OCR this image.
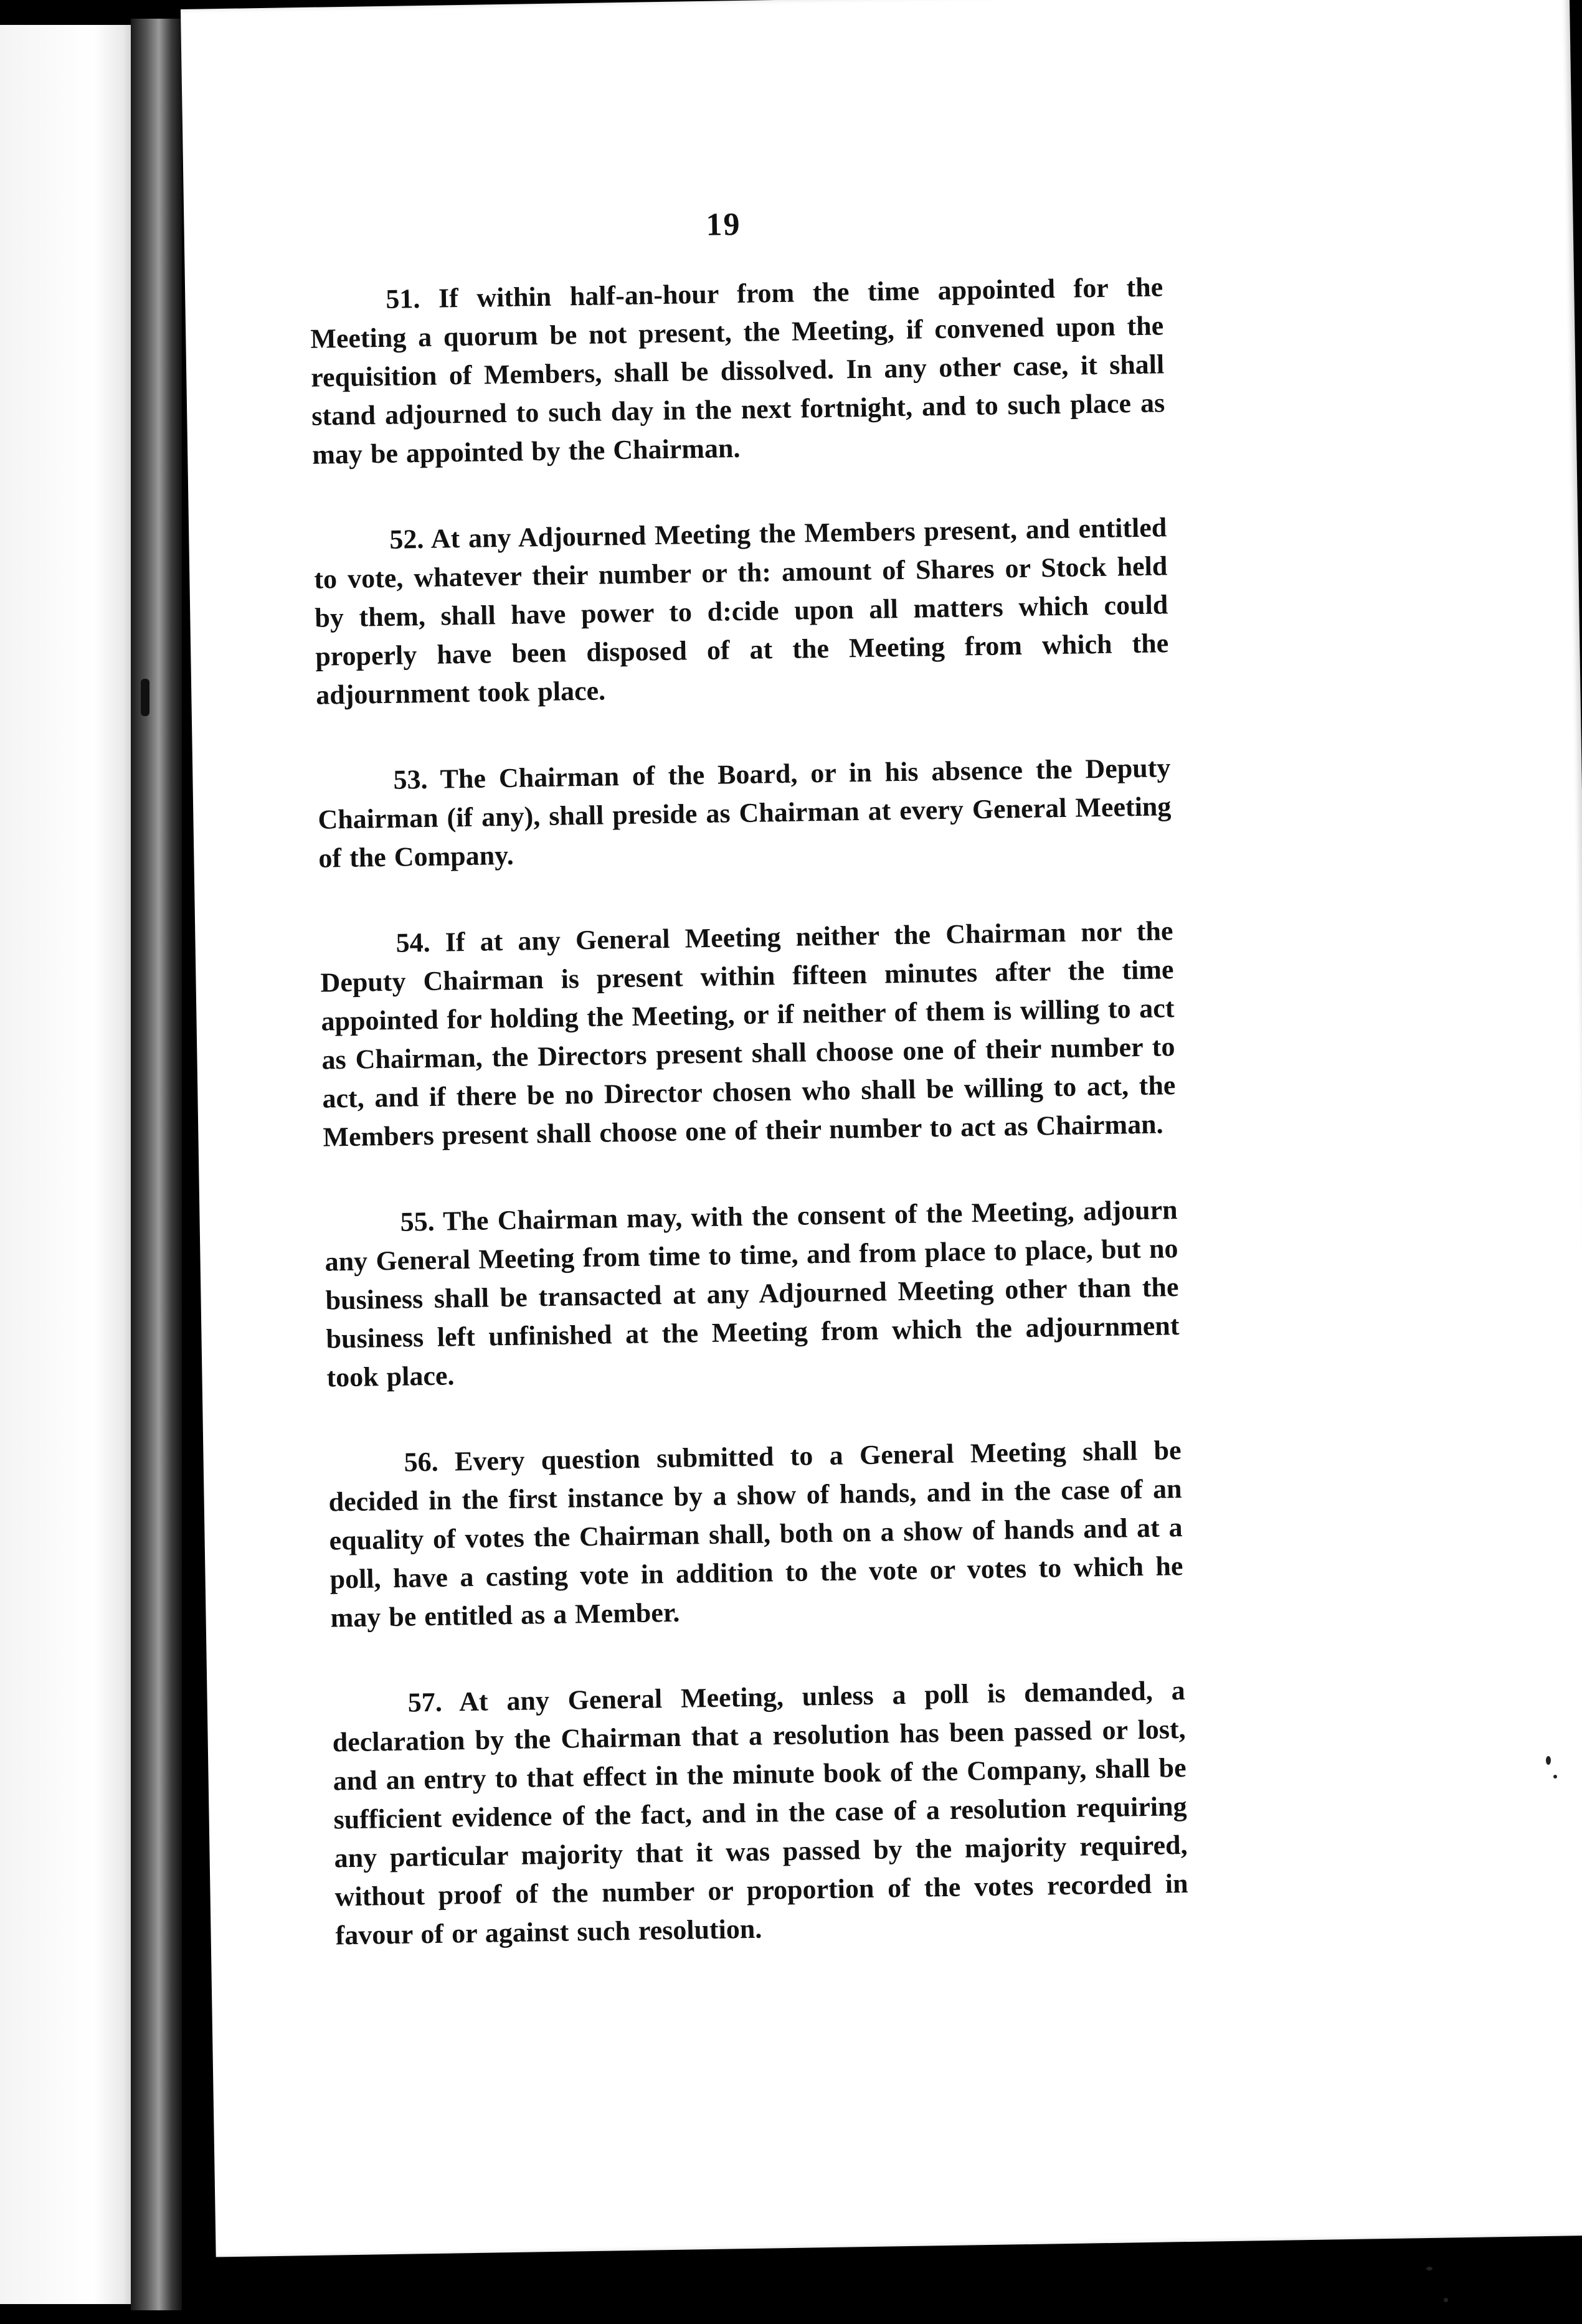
19

51. If within half-an-hour from the time appointed for the Meeting a quorum be not present, the Meeting, if convened upon the requisition of Members, shall be dissolved. In any other case, it shall stand adjourned to such day in the next fortnight, and to such place as may be appointed by the Chairman.

52. At any Adjourned Meeting the Members present, and entitled to vote, whatever their number or th: amount of Shares or Stock held by them, shall have power to d:cide upon all matters which could properly have been disposed of at the Meeting from which the adjournment took place.

53. The Chairman of the Board, or in his absence the Deputy Chairman (if any), shall preside as Chairman at every General Meeting of the Company.

54. If at any General Meeting neither the Chairman nor the Deputy Chairman is present within fifteen minutes after the time appointed for holding the Meeting, or if neither of them is willing to act as Chairman, the Directors present shall choose one of their number to act, and if there be no Director chosen who shall be willing to act, the Members present shall choose one of their number to act as Chairman.

55. The Chairman may, with the consent of the Meeting, adjourn any General Meeting from time to time, and from place to place, but no business shall be transacted at any Adjourned Meeting other than the business left unfinished at the Meeting from which the adjournment took place.

56. Every question submitted to a General Meeting shall be decided in the first instance by a show of hands, and in the case of an equality of votes the Chairman shall, both on a show of hands and at a poll, have a casting vote in addition to the vote or votes to which he may be entitled as a Member.

57. At any General Meeting, unless a poll is demanded, a declaration by the Chairman that a resolution has been passed or lost, and an entry to that effect in the minute book of the Company, shall be sufficient evidence of the fact, and in the case of a resolution requiring any particular majority that it was passed by the majority required, without proof of the number or proportion of the votes recorded in favour of or against such resolution.
